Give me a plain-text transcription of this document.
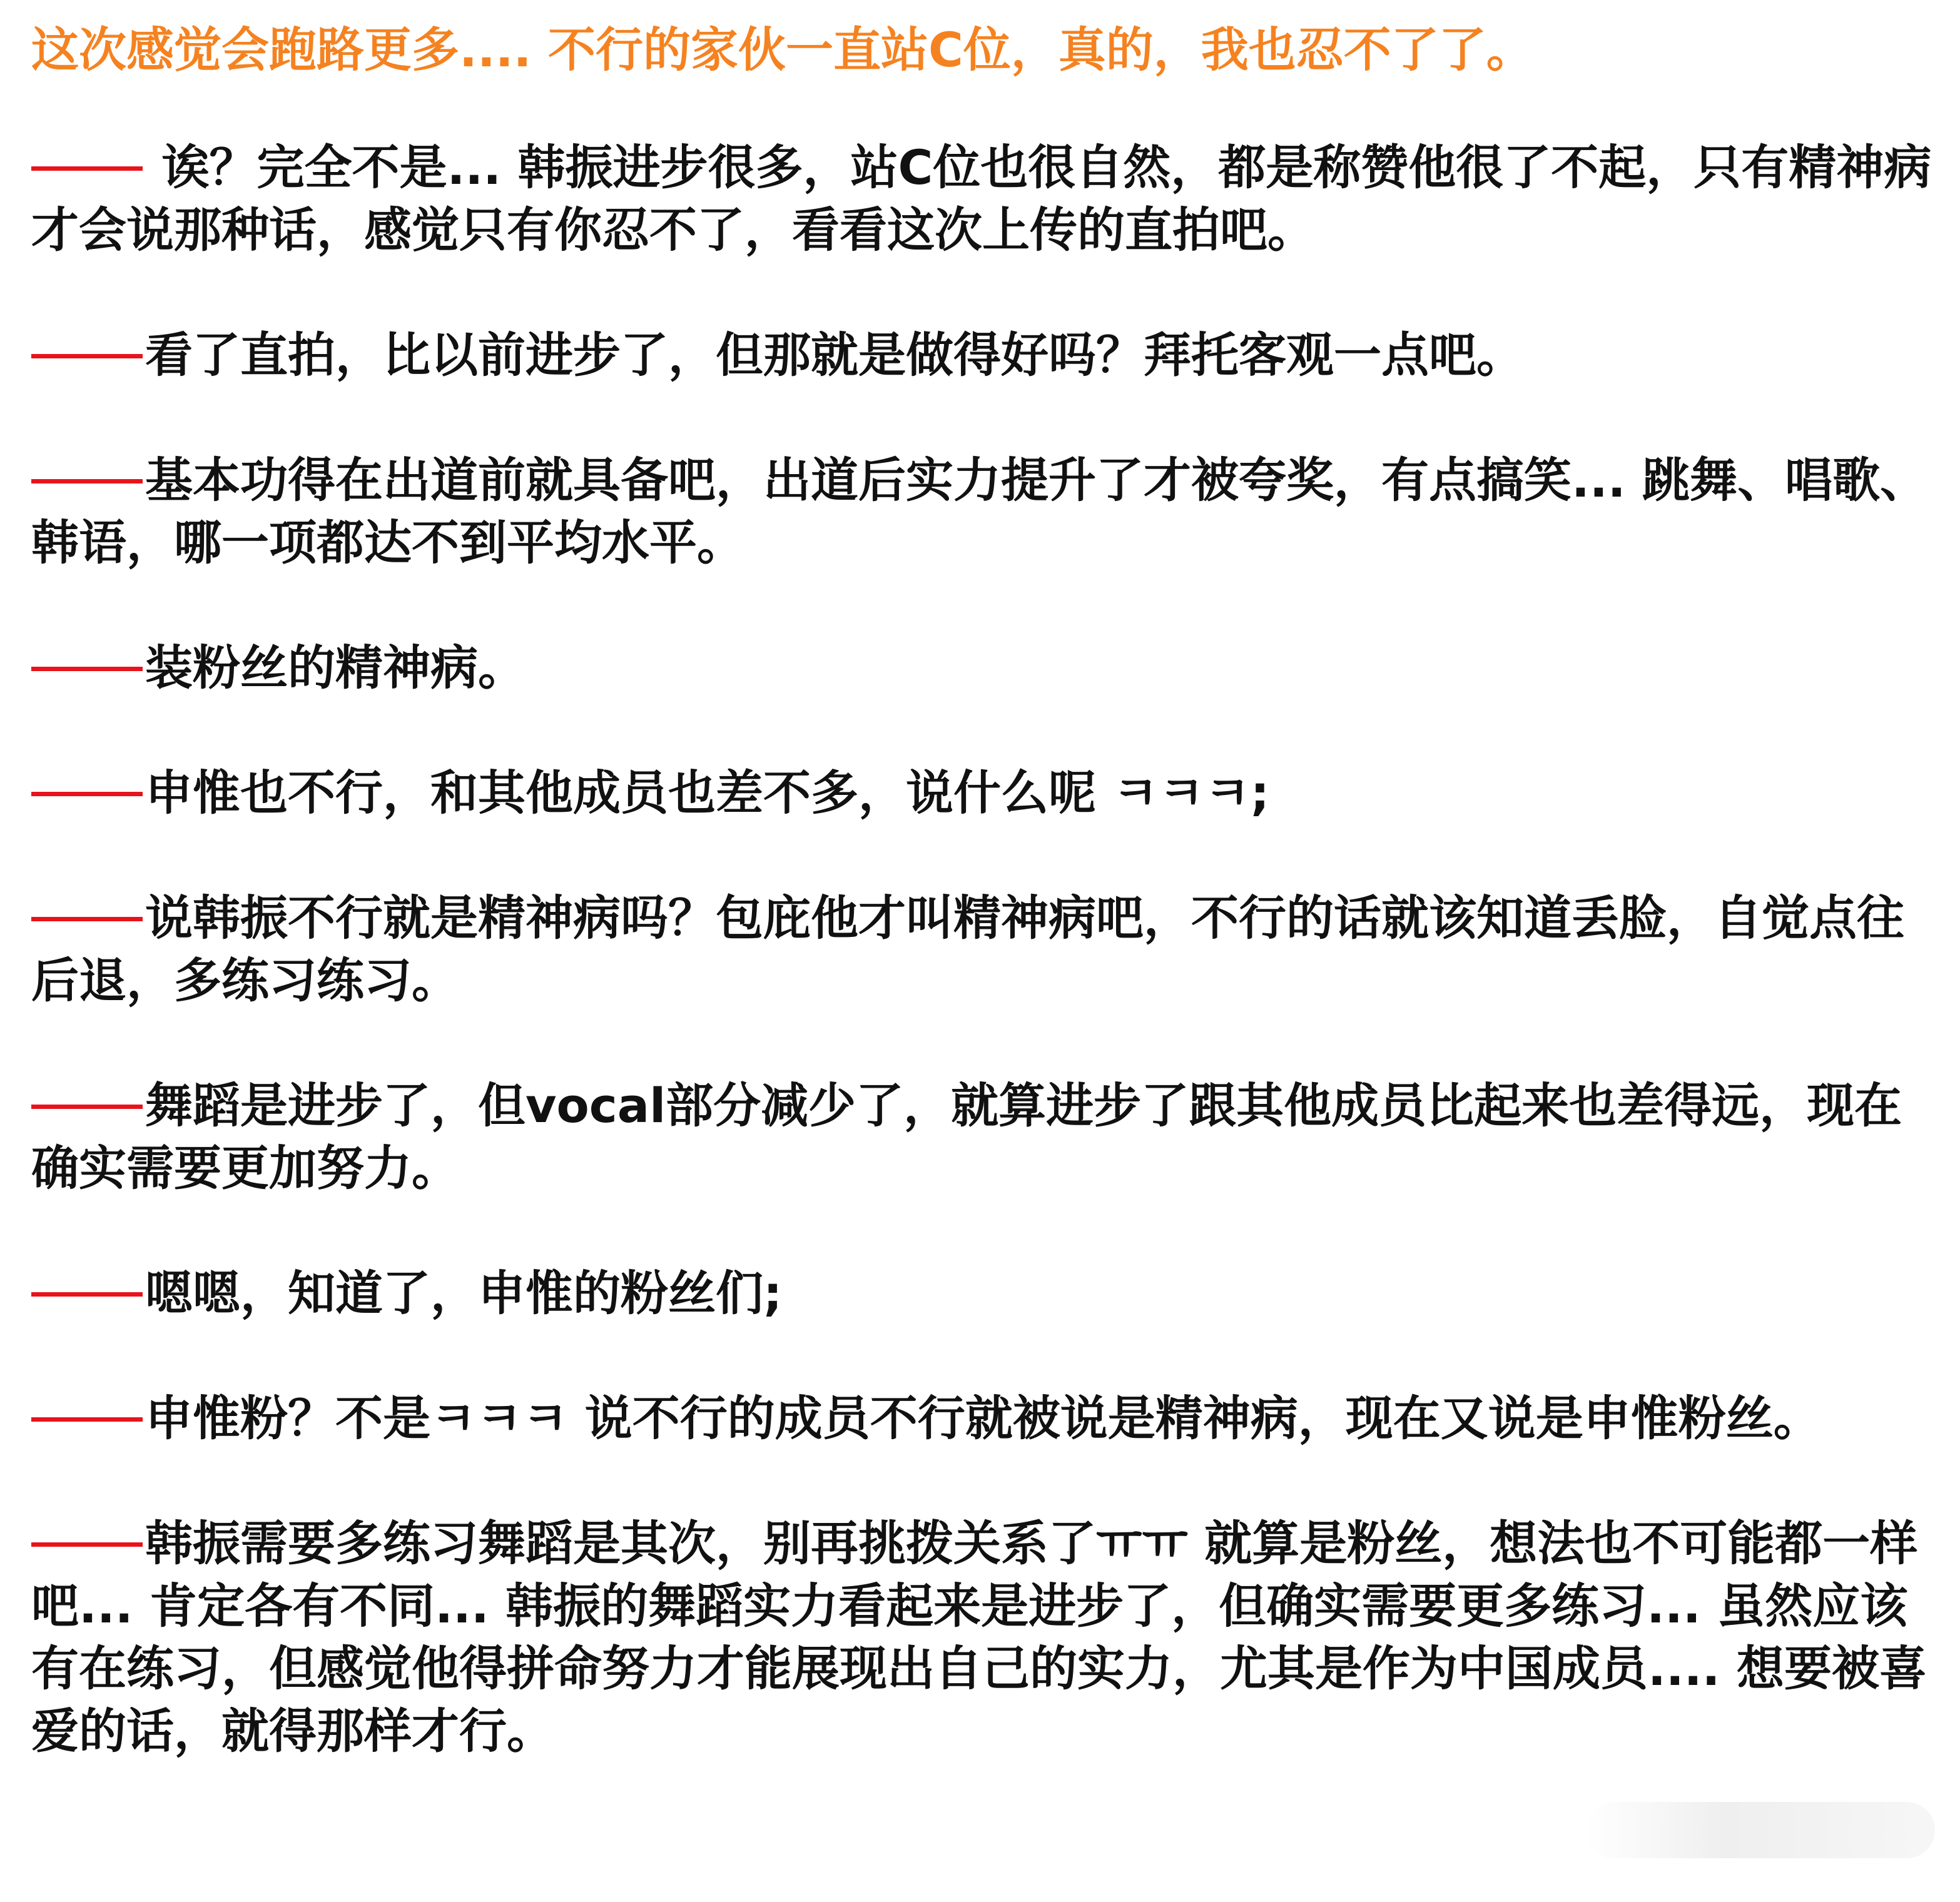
这次感觉会跑路更多.... 不行的家伙一直站C位，真的，我也忍不了了。
诶？完全不是... 韩振进步很多，站C位也很自然，都是称赞他很了不起，只有精神病才会说那种话，感觉只有你忍不了，看看这次上传的直拍吧。
看了直拍，比以前进步了，但那就是做得好吗？拜托客观一点吧。
基本功得在出道前就具备吧，出道后实力提升了才被夸奖，有点搞笑... 跳舞、唱歌、韩语，哪一项都达不到平均水平。
装粉丝的精神病。
申惟也不行，和其他成员也差不多，说什么呢 ㅋㅋㅋ;
说韩振不行就是精神病吗？包庇他才叫精神病吧，不行的话就该知道丢脸，自觉点往后退，多练习练习。
舞蹈是进步了，但vocal部分减少了，就算进步了跟其他成员比起来也差得远，现在确实需要更加努力。
嗯嗯，知道了，申惟的粉丝们;
申惟粉？不是ㅋㅋㅋ 说不行的成员不行就被说是精神病，现在又说是申惟粉丝。
韩振需要多练习舞蹈是其次，别再挑拨关系了ㅠㅠ 就算是粉丝，想法也不可能都一样吧... 肯定各有不同... 韩振的舞蹈实力看起来是进步了，但确实需要更多练习... 虽然应该有在练习，但感觉他得拼命努力才能展现出自己的实力，尤其是作为中国成员.... 想要被喜爱的话，就得那样才行。
